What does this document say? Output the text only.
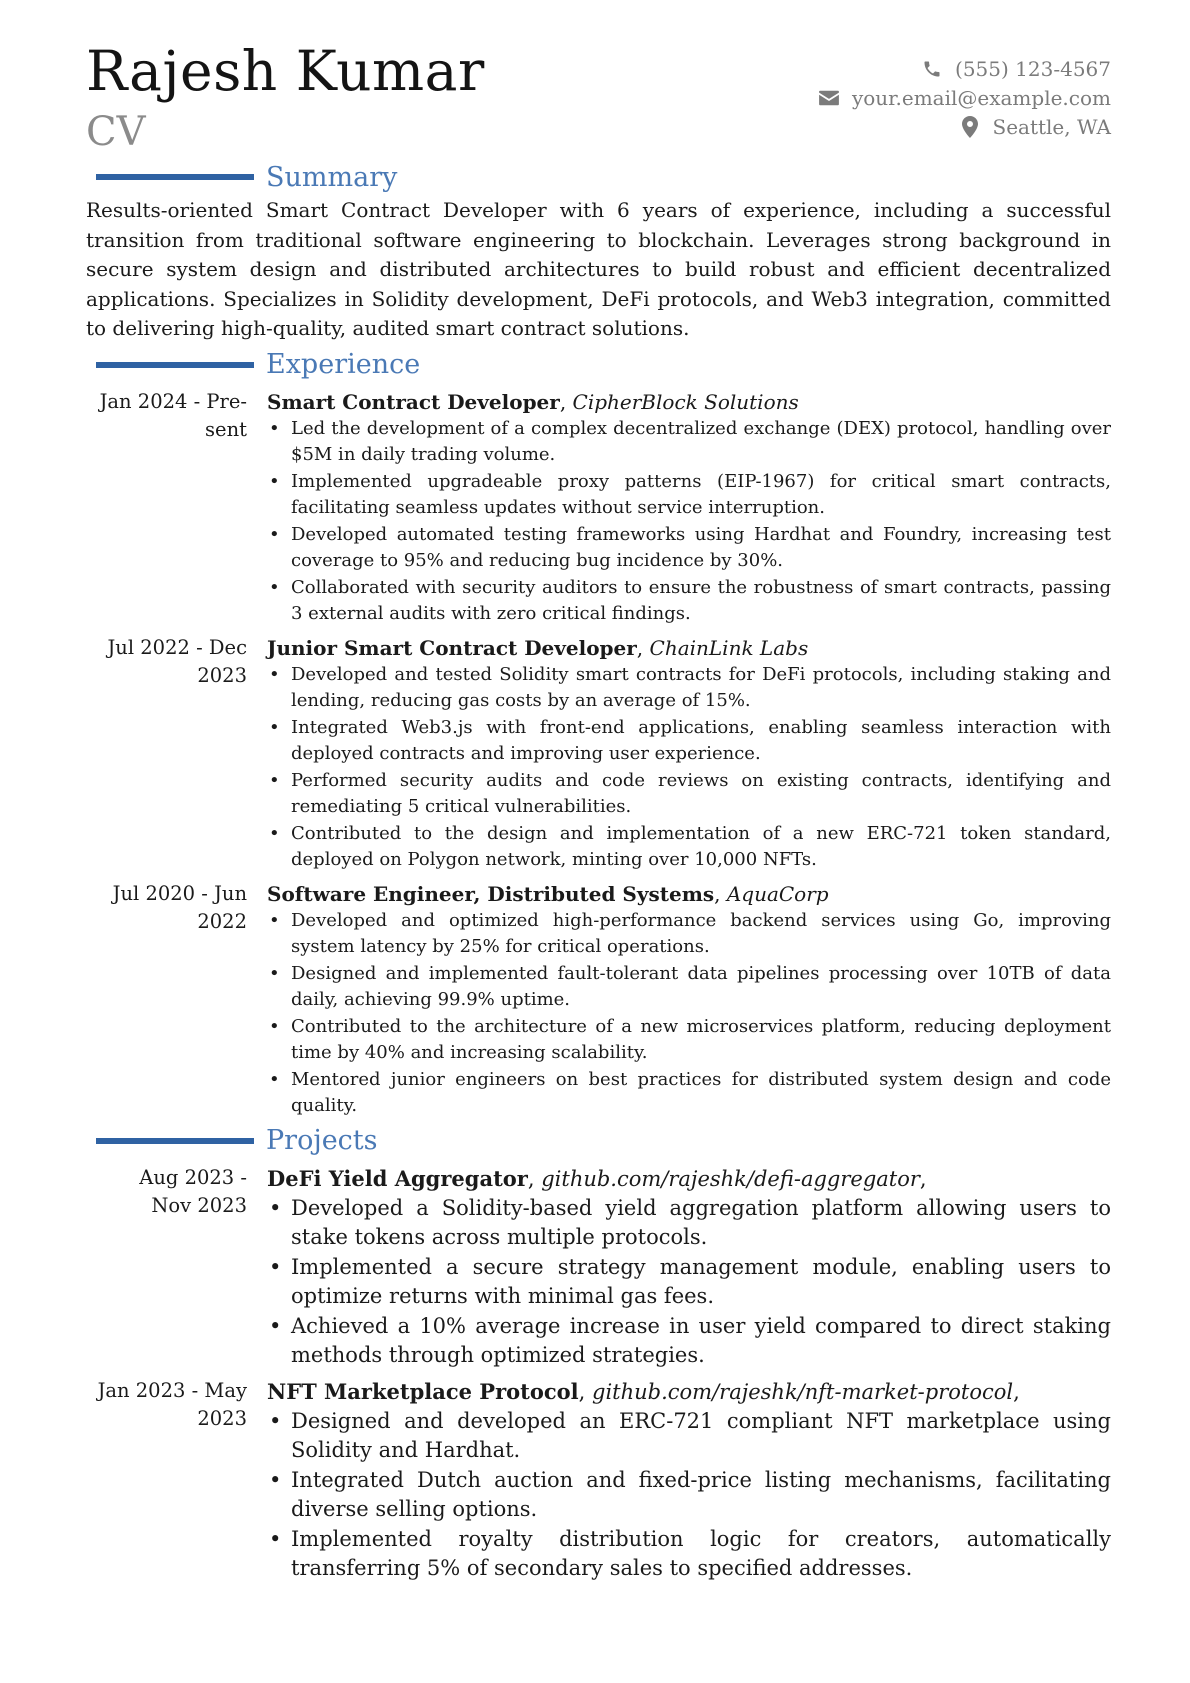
Rajesh Kumar
CV
(555) 123-4567
your.email@example.com
Seattle, WA
Summary

Results-oriented Smart Contract Developer with 6 years of experience, including a successful transition from traditional software engineering to blockchain. Leverages strong background in secure system design and distributed architectures to build robust and efficient decentralized applications. Specializes in Solidity development, DeFi protocols, and Web3 integration, committed to delivering high-quality, audited smart contract solutions.

Experience
Jan 2024 - Pre-
sent
Smart Contract Developer, CipherBlock Solutions
• Led the development of a complex decentralized exchange (DEX) protocol, handling over $5M in daily trading volume.
• Implemented upgradeable proxy patterns (EIP-1967) for critical smart contracts, facilitating seamless updates without service interruption.
• Developed automated testing frameworks using Hardhat and Foundry, increasing test coverage to 95% and reducing bug incidence by 30%.
• Collaborated with security auditors to ensure the robustness of smart contracts, passing 3 external audits with zero critical findings.
Jul 2022 - Dec
2023
Junior Smart Contract Developer, ChainLink Labs
• Developed and tested Solidity smart contracts for DeFi protocols, including staking and lending, reducing gas costs by an average of 15%.
• Integrated Web3.js with front-end applications, enabling seamless interaction with deployed contracts and improving user experience.
• Performed security audits and code reviews on existing contracts, identifying and remediating 5 critical vulnerabilities.
• Contributed to the design and implementation of a new ERC-721 token standard, deployed on Polygon network, minting over 10,000 NFTs.
Jul 2020 - Jun
2022
Software Engineer, Distributed Systems, AquaCorp
• Developed and optimized high-performance backend services using Go, improving system latency by 25% for critical operations.
• Designed and implemented fault-tolerant data pipelines processing over 10TB of data daily, achieving 99.9% uptime.
• Contributed to the architecture of a new microservices platform, reducing deployment time by 40% and increasing scalability.
• Mentored junior engineers on best practices for distributed system design and code quality.
Projects
Aug 2023 -
Nov 2023
DeFi Yield Aggregator, github.com/rajeshk/defi-aggregator,
• Developed a Solidity-based yield aggregation platform allowing users to stake tokens across multiple protocols.
• Implemented a secure strategy management module, enabling users to optimize returns with minimal gas fees.
• Achieved a 10% average increase in user yield compared to direct staking methods through optimized strategies.
Jan 2023 - May
2023
NFT Marketplace Protocol, github.com/rajeshk/nft-market-protocol,
• Designed and developed an ERC-721 compliant NFT marketplace using Solidity and Hardhat.
• Integrated Dutch auction and fixed-price listing mechanisms, facilitating diverse selling options.
• Implemented royalty distribution logic for creators, automatically transferring 5% of secondary sales to specified addresses.
